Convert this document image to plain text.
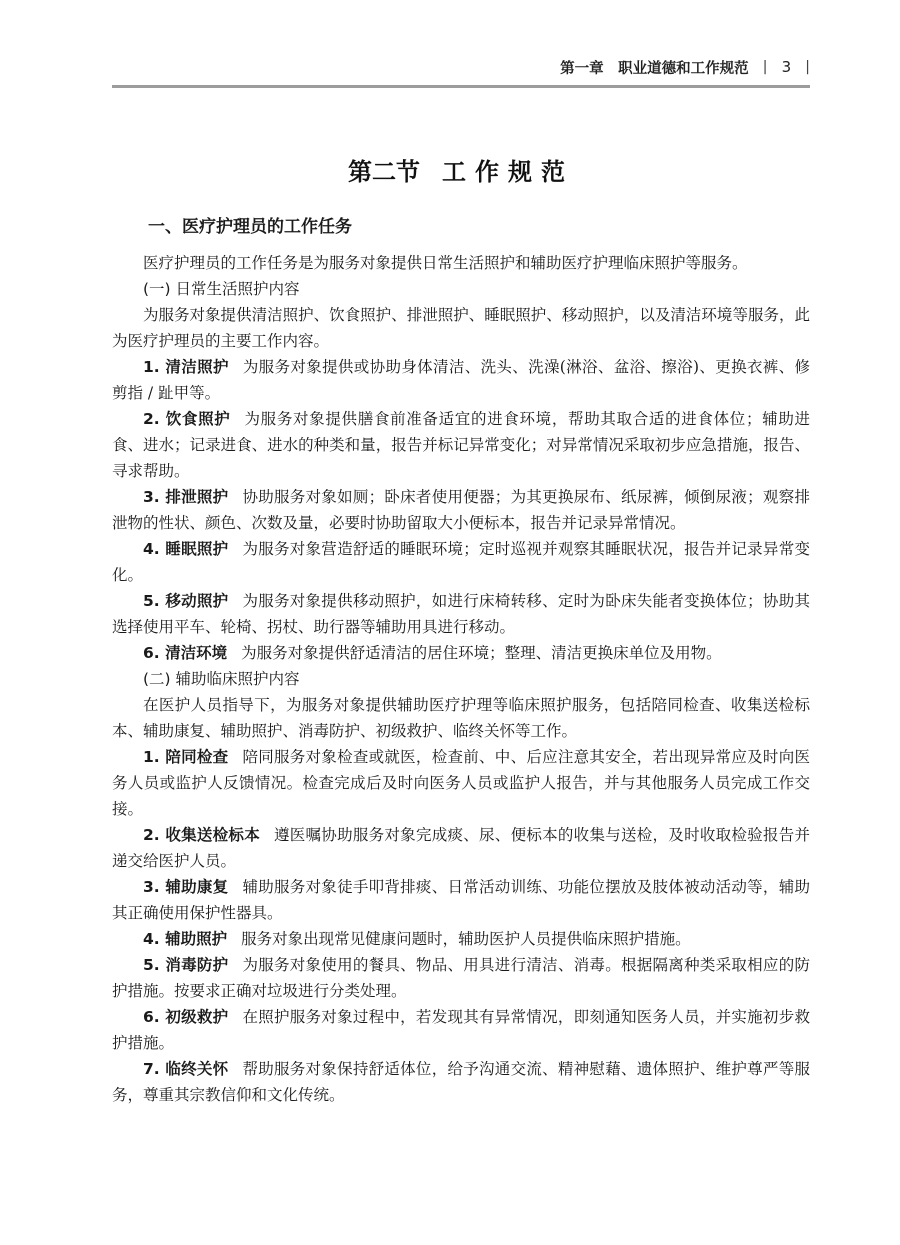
第一章　职业道德和工作规范 | 3 |
第二节 工作规范
一、医疗护理员的工作任务

医疗护理员的工作任务是为服务对象提供日常生活照护和辅助医疗护理临床照护等服务。

(一) 日常生活照护内容

为服务对象提供清洁照护、饮食照护、排泄照护、睡眠照护、移动照护，以及清洁环境等服务，此为医疗护理员的主要工作内容。

1. 清洁照护 为服务对象提供或协助身体清洁、洗头、洗澡(淋浴、盆浴、擦浴)、更换衣裤、修剪指 / 趾甲等。

2. 饮食照护 为服务对象提供膳食前准备适宜的进食环境，帮助其取合适的进食体位；辅助进食、进水；记录进食、进水的种类和量，报告并标记异常变化；对异常情况采取初步应急措施，报告、寻求帮助。

3. 排泄照护 协助服务对象如厕；卧床者使用便器；为其更换尿布、纸尿裤，倾倒尿液；观察排泄物的性状、颜色、次数及量，必要时协助留取大小便标本，报告并记录异常情况。

4. 睡眠照护 为服务对象营造舒适的睡眠环境；定时巡视并观察其睡眠状况，报告并记录异常变化。

5. 移动照护 为服务对象提供移动照护，如进行床椅转移、定时为卧床失能者变换体位；协助其选择使用平车、轮椅、拐杖、助行器等辅助用具进行移动。

6. 清洁环境 为服务对象提供舒适清洁的居住环境；整理、清洁更换床单位及用物。

(二) 辅助临床照护内容

在医护人员指导下，为服务对象提供辅助医疗护理等临床照护服务，包括陪同检查、收集送检标本、辅助康复、辅助照护、消毒防护、初级救护、临终关怀等工作。

1. 陪同检查 陪同服务对象检查或就医，检查前、中、后应注意其安全，若出现异常应及时向医务人员或监护人反馈情况。检查完成后及时向医务人员或监护人报告，并与其他服务人员完成工作交接。

2. 收集送检标本 遵医嘱协助服务对象完成痰、尿、便标本的收集与送检，及时收取检验报告并递交给医护人员。

3. 辅助康复 辅助服务对象徒手叩背排痰、日常活动训练、功能位摆放及肢体被动活动等，辅助其正确使用保护性器具。

4. 辅助照护 服务对象出现常见健康问题时，辅助医护人员提供临床照护措施。

5. 消毒防护 为服务对象使用的餐具、物品、用具进行清洁、消毒。根据隔离种类采取相应的防护措施。按要求正确对垃圾进行分类处理。

6. 初级救护 在照护服务对象过程中，若发现其有异常情况，即刻通知医务人员，并实施初步救护措施。

7. 临终关怀 帮助服务对象保持舒适体位，给予沟通交流、精神慰藉、遗体照护、维护尊严等服务，尊重其宗教信仰和文化传统。
